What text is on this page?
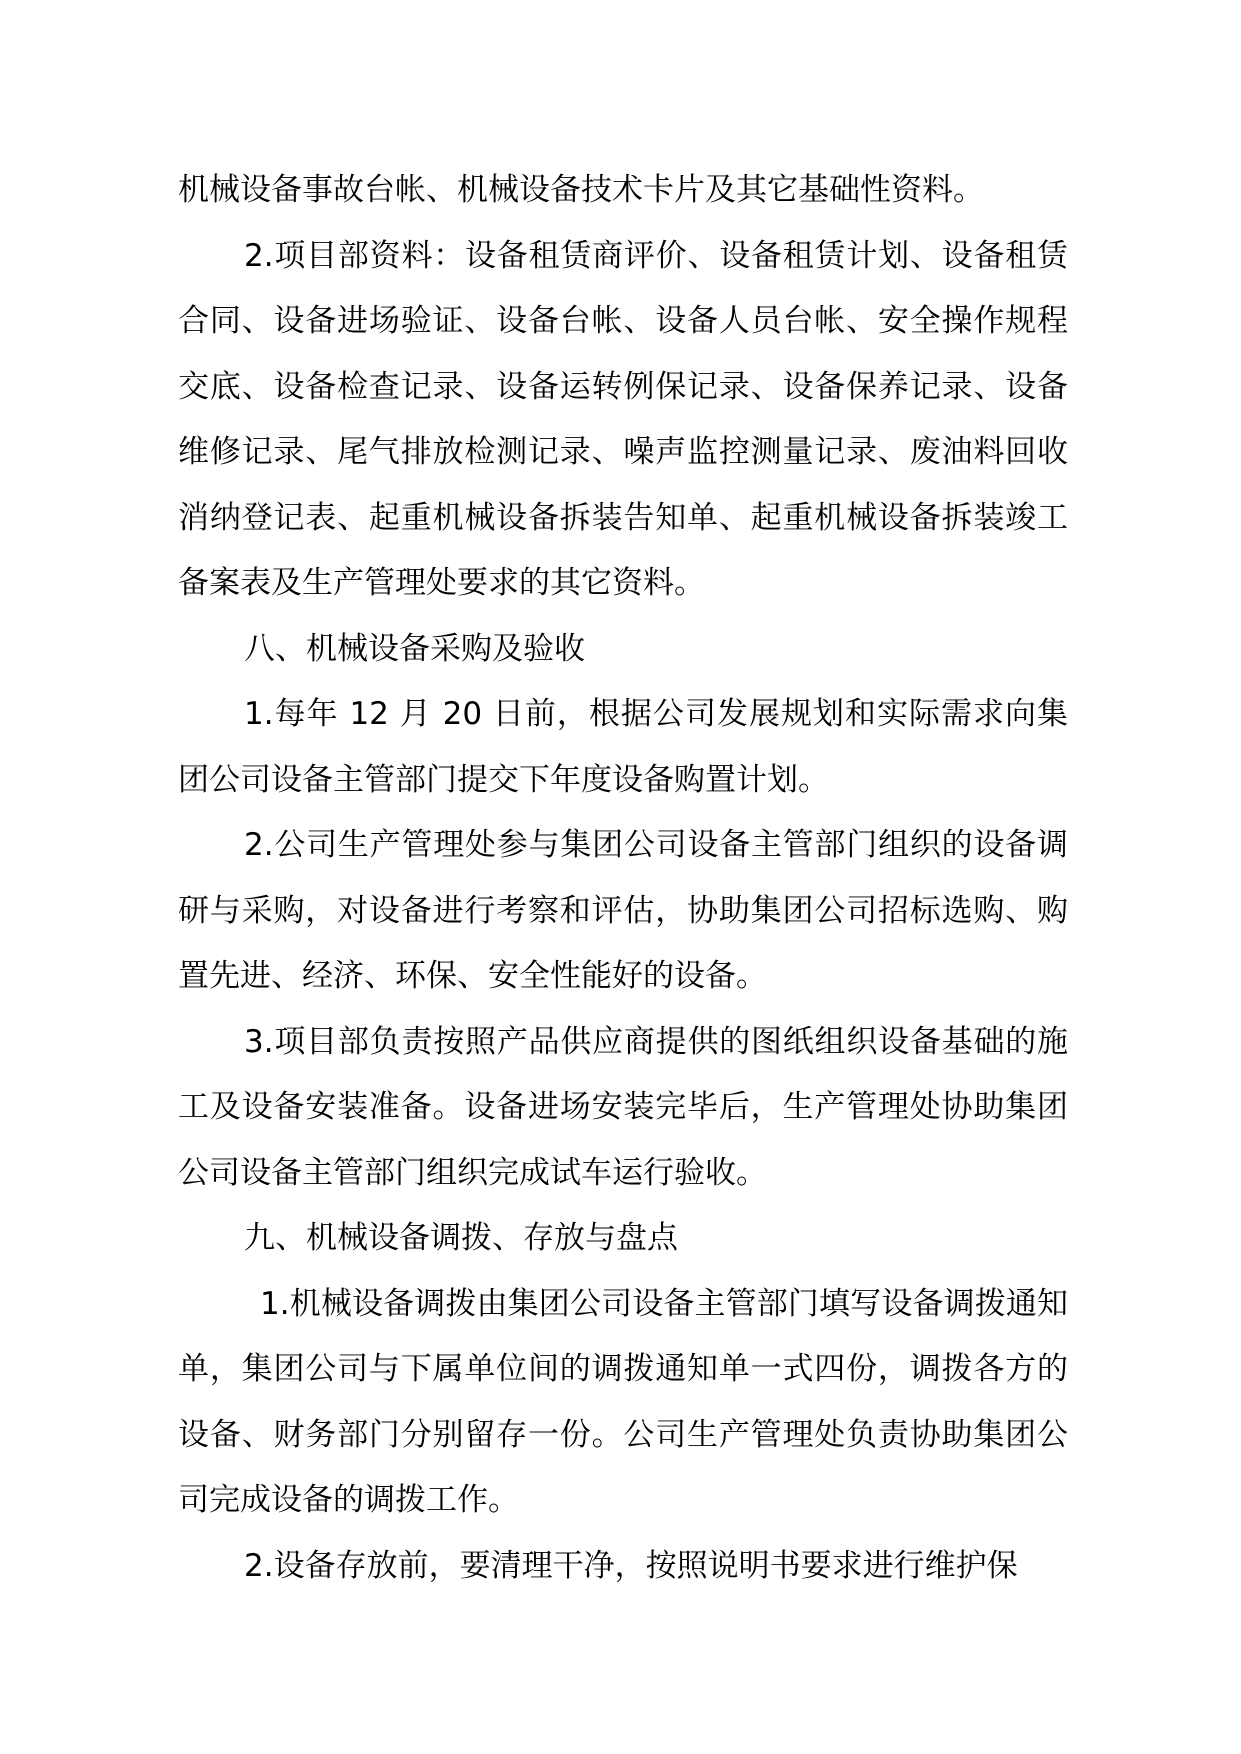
机械设备事故台帐、机械设备技术卡片及其它基础性资料。

2.项目部资料：设备租赁商评价、设备租赁计划、设备租赁合同、设备进场验证、设备台帐、设备人员台帐、安全操作规程交底、设备检查记录、设备运转例保记录、设备保养记录、设备维修记录、尾气排放检测记录、噪声监控测量记录、废油料回收消纳登记表、起重机械设备拆装告知单、起重机械设备拆装竣工备案表及生产管理处要求的其它资料。

八、机械设备采购及验收

1.每年 12 月 20 日前，根据公司发展规划和实际需求向集团公司设备主管部门提交下年度设备购置计划。

2.公司生产管理处参与集团公司设备主管部门组织的设备调研与采购，对设备进行考察和评估，协助集团公司招标选购、购置先进、经济、环保、安全性能好的设备。

3.项目部负责按照产品供应商提供的图纸组织设备基础的施工及设备安装准备。设备进场安装完毕后，生产管理处协助集团公司设备主管部门组织完成试车运行验收。

九、机械设备调拨、存放与盘点

1.机械设备调拨由集团公司设备主管部门填写设备调拨通知单，集团公司与下属单位间的调拨通知单一式四份，调拨各方的设备、财务部门分别留存一份。公司生产管理处负责协助集团公司完成设备的调拨工作。

2.设备存放前，要清理干净，按照说明书要求进行维护保
